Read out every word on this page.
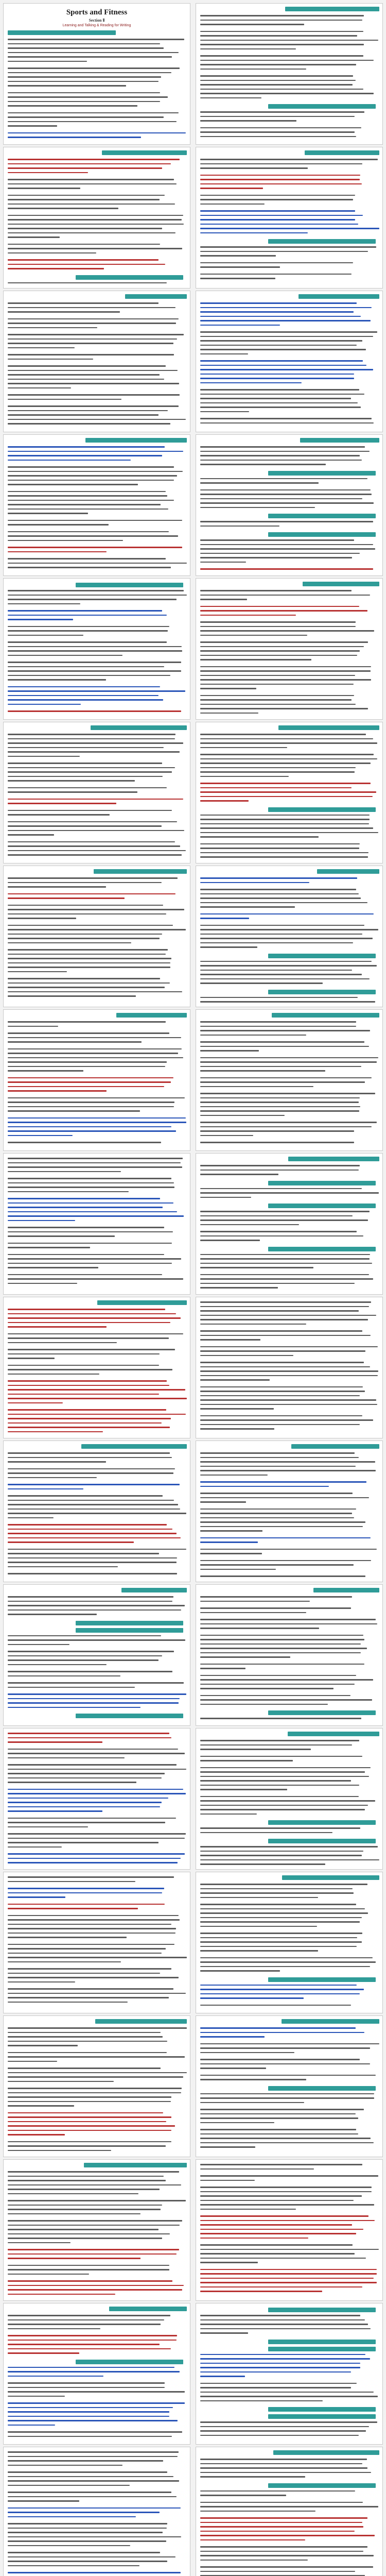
Sports and Fitness
Section Ⅱ
Learning and Talking & Reading for Writing
